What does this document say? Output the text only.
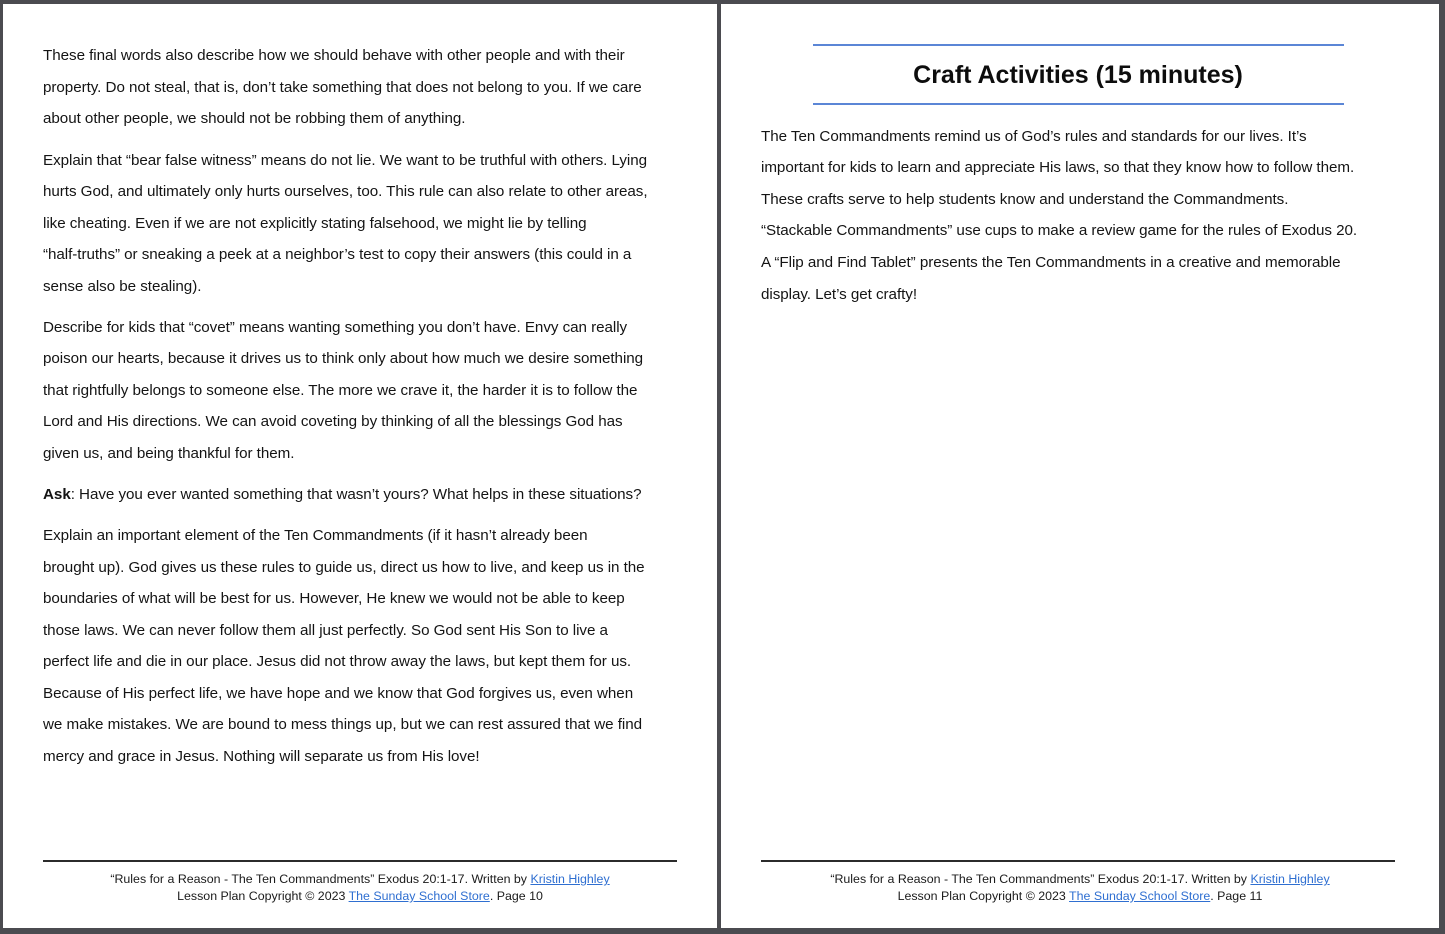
These final words also describe how we should behave with other people and with their
property. Do not steal, that is, don’t take something that does not belong to you. If we care
about other people, we should not be robbing them of anything.
Explain that “bear false witness” means do not lie. We want to be truthful with others. Lying
hurts God, and ultimately only hurts ourselves, too. This rule can also relate to other areas,
like cheating. Even if we are not explicitly stating falsehood, we might lie by telling
“half-truths” or sneaking a peek at a neighbor’s test to copy their answers (this could in a
sense also be stealing).
Describe for kids that “covet” means wanting something you don’t have. Envy can really
poison our hearts, because it drives us to think only about how much we desire something
that rightfully belongs to someone else. The more we crave it, the harder it is to follow the
Lord and His directions. We can avoid coveting by thinking of all the blessings God has
given us, and being thankful for them.
Ask: Have you ever wanted something that wasn’t yours? What helps in these situations?
Explain an important element of the Ten Commandments (if it hasn’t already been
brought up). God gives us these rules to guide us, direct us how to live, and keep us in the
boundaries of what will be best for us. However, He knew we would not be able to keep
those laws. We can never follow them all just perfectly. So God sent His Son to live a
perfect life and die in our place. Jesus did not throw away the laws, but kept them for us.
Because of His perfect life, we have hope and we know that God forgives us, even when
we make mistakes. We are bound to mess things up, but we can rest assured that we find
mercy and grace in Jesus. Nothing will separate us from His love!
“Rules for a Reason - The Ten Commandments” Exodus 20:1-17. Written by Kristin Highley
Lesson Plan Copyright © 2023 The Sunday School Store. Page 10
Craft Activities (15 minutes)
The Ten Commandments remind us of God’s rules and standards for our lives. It’s
important for kids to learn and appreciate His laws, so that they know how to follow them.
These crafts serve to help students know and understand the Commandments.
“Stackable Commandments” use cups to make a review game for the rules of Exodus 20.
A “Flip and Find Tablet” presents the Ten Commandments in a creative and memorable
display. Let’s get crafty!
“Rules for a Reason - The Ten Commandments” Exodus 20:1-17. Written by Kristin Highley
Lesson Plan Copyright © 2023 The Sunday School Store. Page 11
